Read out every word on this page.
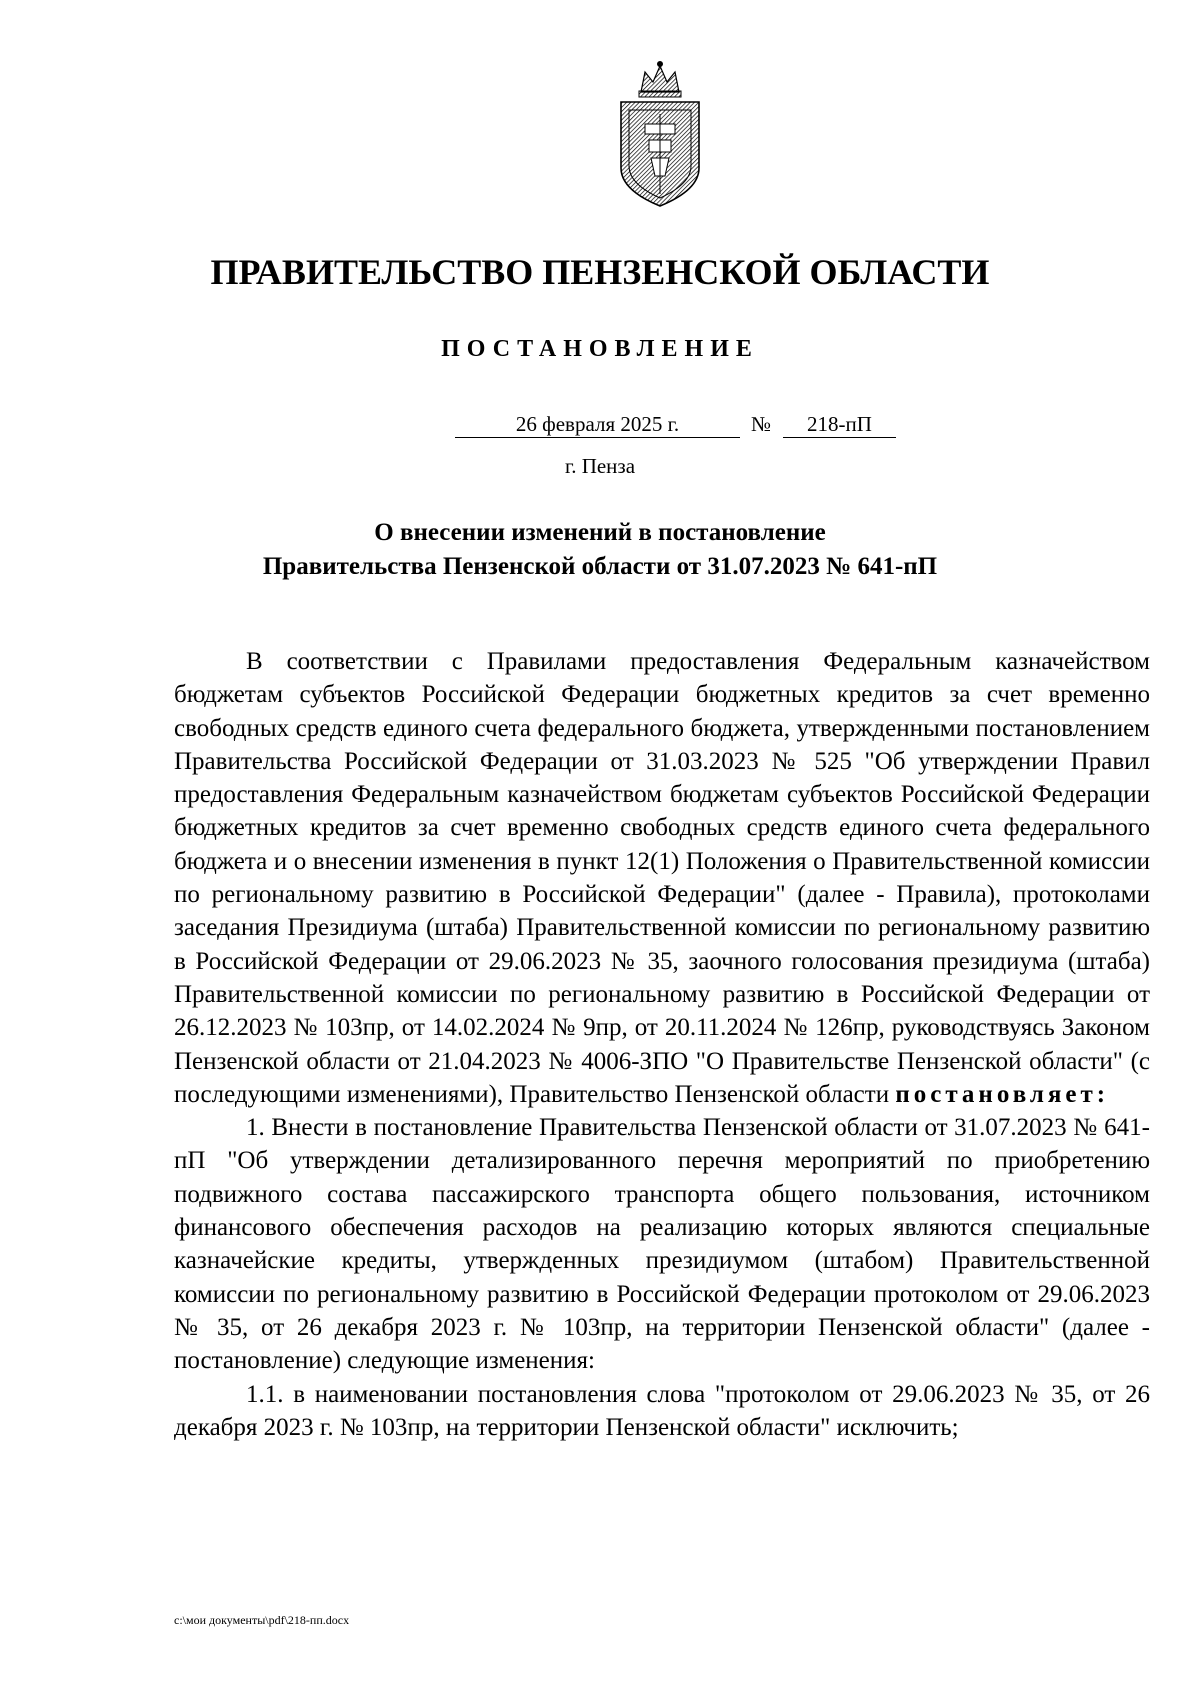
ПРАВИТЕЛЬСТВО ПЕНЗЕНСКОЙ ОБЛАСТИ
ПОСТАНОВЛЕНИЕ
26 февраля 2025 г.	№	218-пП
г. Пенза
О внесении изменений в постановление
Правительства Пензенской области от 31.07.2023 № 641-пП

В соответствии с Правилами предоставления Федеральным казначейством бюджетам субъектов Российской Федерации бюджетных кредитов за счет временно свободных средств единого счета федерального бюджета, утвержденными постановлением Правительства Российской Федерации от 31.03.2023 № 525 "Об утверждении Правил предоставления Федеральным казначейством бюджетам субъектов Российской Федерации бюджетных кредитов за счет временно свободных средств единого счета федерального бюджета и о внесении изменения в пункт 12(1) Положения о Правительственной комиссии по региональному развитию в Российской Федерации" (далее - Правила), протоколами заседания Президиума (штаба) Правительственной комиссии по региональному развитию в Российской Федерации от 29.06.2023 № 35, заочного голосования президиума (штаба) Правительственной комиссии по региональному развитию в Российской Федерации от 26.12.2023 № 103пр, от 14.02.2024 № 9пр, от 20.11.2024 № 126пр, руководствуясь Законом Пензенской области от 21.04.2023 № 4006-ЗПО "О Правительстве Пензенской области" (с последующими изменениями), Правительство Пензенской области постановляет:

1. Внести в постановление Правительства Пензенской области от 31.07.2023 № 641-пП "Об утверждении детализированного перечня мероприятий по приобретению подвижного состава пассажирского транспорта общего пользования, источником финансового обеспечения расходов на реализацию которых являются специальные казначейские кредиты, утвержденных президиумом (штабом) Правительственной комиссии по региональному развитию в Российской Федерации протоколом от 29.06.2023 № 35, от 26 декабря 2023 г. № 103пр, на территории Пензенской области" (далее - постановление) следующие изменения:

1.1. в наименовании постановления слова "протоколом от 29.06.2023 № 35, от 26 декабря 2023 г. № 103пр, на территории Пензенской области" исключить;

c:\мои документы\pdf\218-пп.docx
